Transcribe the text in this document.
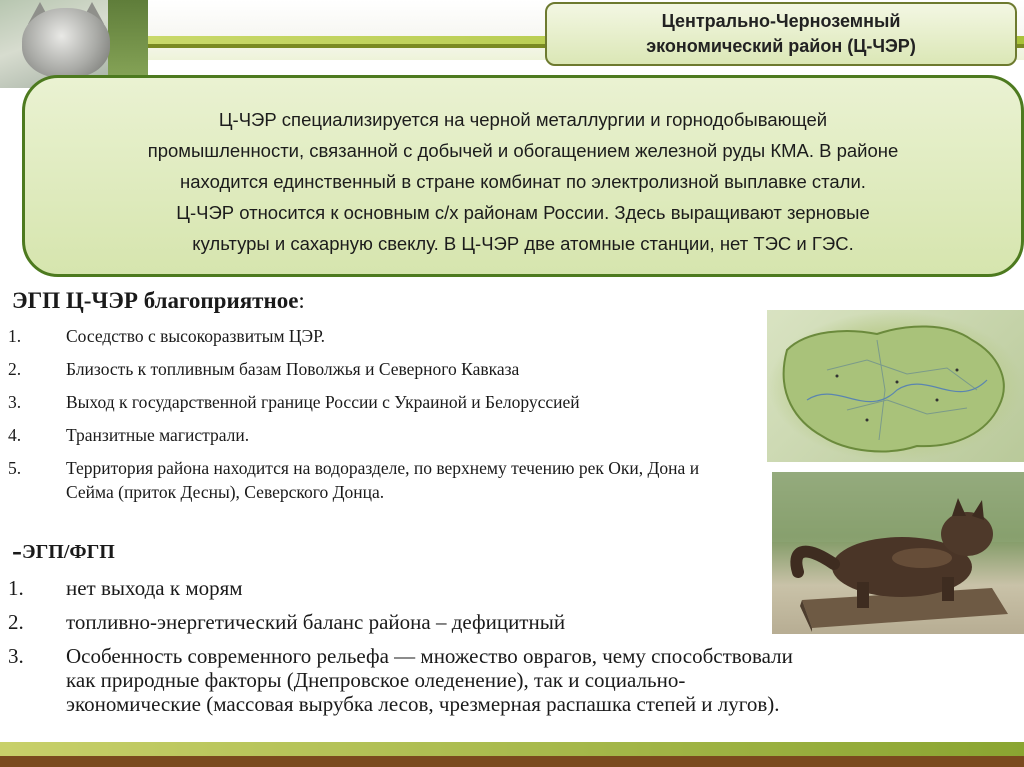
Центрально-Черноземный
экономический район (Ц-ЧЭР)
Ц-ЧЭР специализируется на черной металлургии и горнодобывающей
промышленности, связанной с добычей и обогащением железной руды КМА. В районе
находится единственный в стране комбинат по электролизной выплавке стали.
Ц-ЧЭР относится к основным с/х районам России. Здесь выращивают зерновые
культуры и сахарную свеклу. В Ц-ЧЭР две атомные станции, нет ТЭС и ГЭС.
ЭГП Ц-ЧЭР благоприятное:
1.	Соседство с высокоразвитым ЦЭР.
2.	Близость к топливным базам Поволжья и Северного Кавказа
3.	Выход к государственной границе России с Украиной и Белоруссией
4.	Транзитные магистрали.
5.	Территория района находится на водоразделе, по верхнему течению рек Оки, Дона и Сейма (приток Десны), Северского Донца.
-ЭГП/ФГП
1. нет выхода к морям
2. топливно-энергетический баланс района – дефицитный
3. Особенность современного рельефа — множество оврагов, чему способствовали как природные факторы (Днепровское оледенение), так и социально-экономические (массовая вырубка лесов, чрезмерная распашка степей и лугов).
